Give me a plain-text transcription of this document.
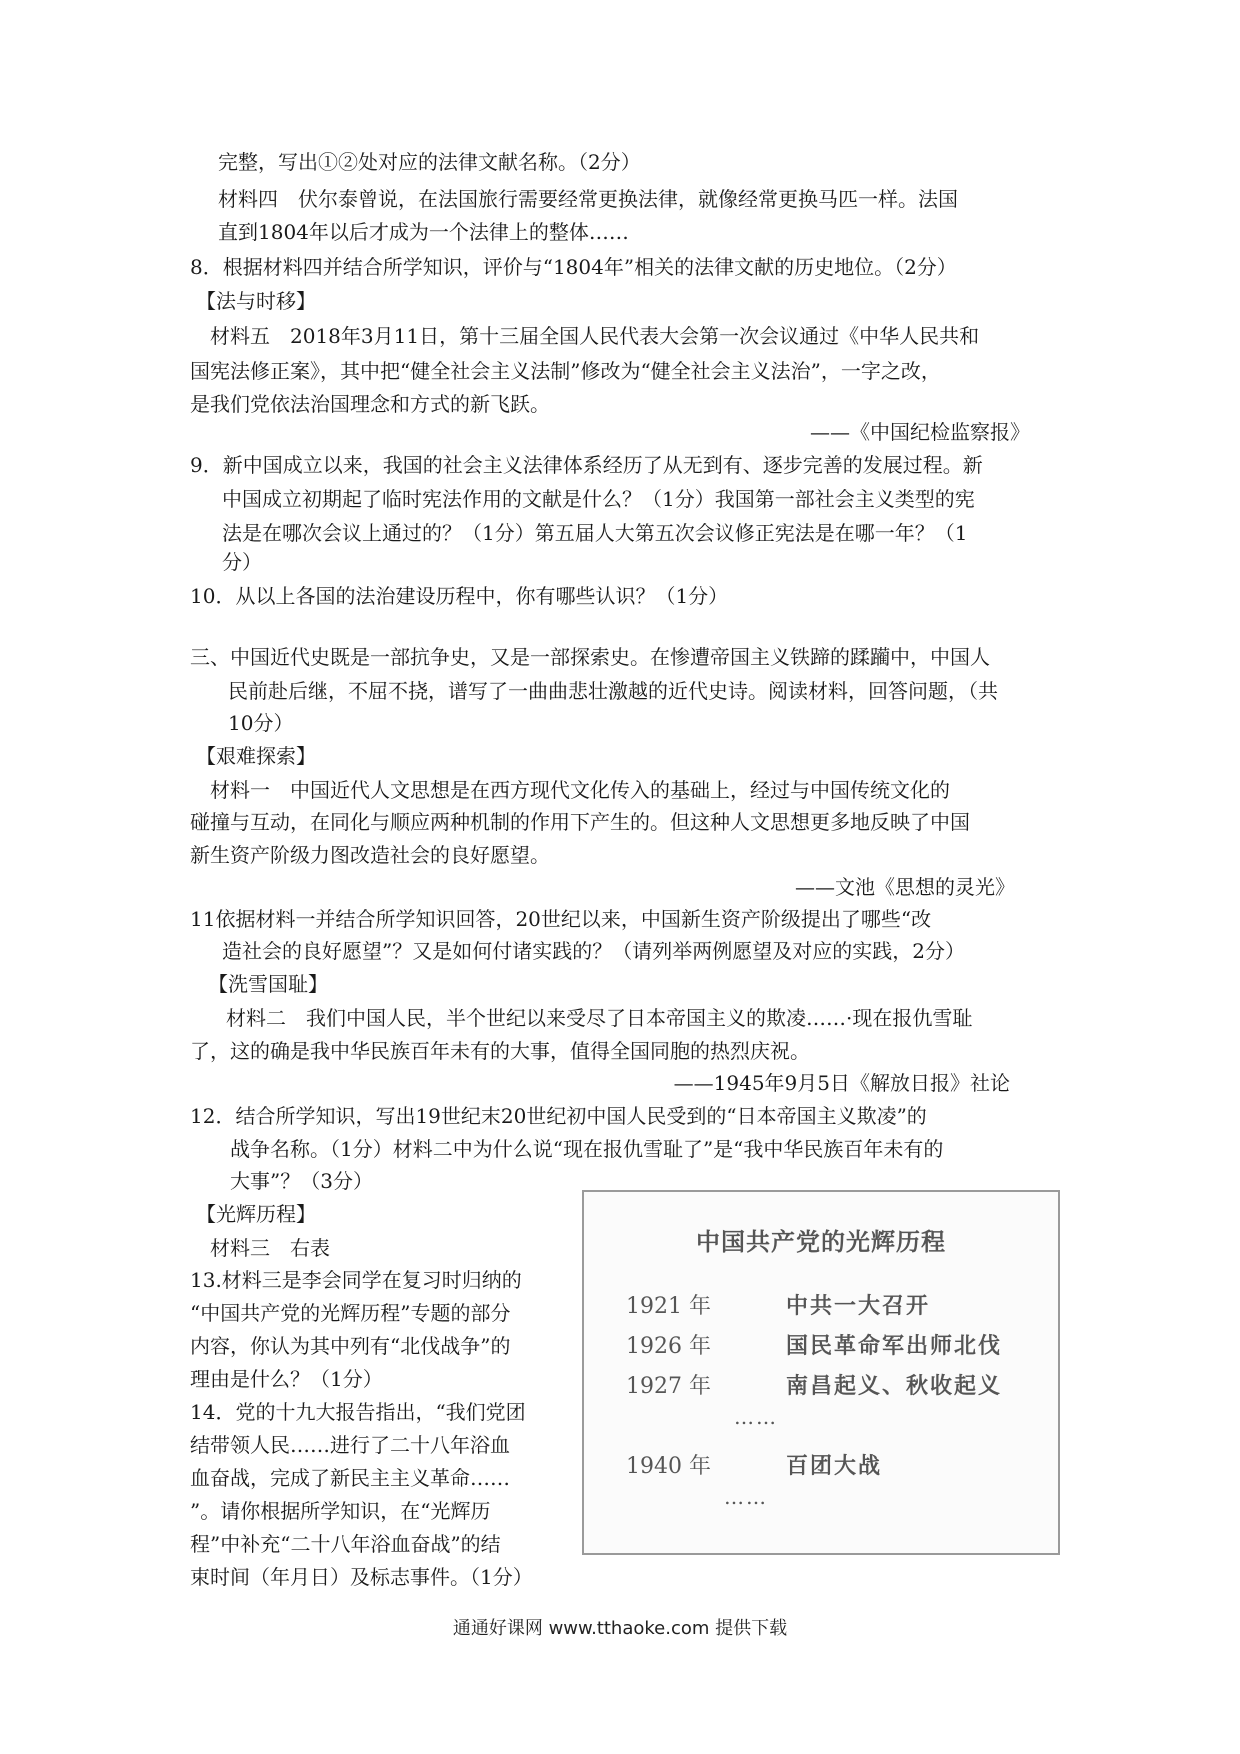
完整，写出①②处对应的法律文献名称。（2分）
材料四　伏尔泰曾说，在法国旅行需要经常更换法律，就像经常更换马匹一样。法国
直到1804年以后才成为一个法律上的整体……
8．根据材料四并结合所学知识，评价与“1804年”相关的法律文献的历史地位。（2分）
【法与时移】
材料五　2018年3月11日，第十三届全国人民代表大会第一次会议通过《中华人民共和
国宪法修正案》，其中把“健全社会主义法制”修改为“健全社会主义法治”，一字之改，
是我们党依法治国理念和方式的新飞跃。
——《中国纪检监察报》
9．新中国成立以来，我国的社会主义法律体系经历了从无到有、逐步完善的发展过程。新
中国成立初期起了临时宪法作用的文献是什么？（1分）我国第一部社会主义类型的宪
法是在哪次会议上通过的？（1分）第五届人大第五次会议修正宪法是在哪一年？（1
分）
10．从以上各国的法治建设历程中，你有哪些认识？（1分）
三、中国近代史既是一部抗争史，又是一部探索史。在惨遭帝国主义铁蹄的蹂躏中，中国人
民前赴后继，不屈不挠，谱写了一曲曲悲壮激越的近代史诗。阅读材料，回答问题，（共
10分）
【艰难探索】
材料一　中国近代人文思想是在西方现代文化传入的基础上，经过与中国传统文化的
碰撞与互动，在同化与顺应两种机制的作用下产生的。但这种人文思想更多地反映了中国
新生资产阶级力图改造社会的良好愿望。
——文池《思想的灵光》
11依据材料一并结合所学知识回答，20世纪以来，中国新生资产阶级提出了哪些“改
造社会的良好愿望”？又是如何付诸实践的？（请列举两例愿望及对应的实践，2分）
【洗雪国耻】
材料二　我们中国人民，半个世纪以来受尽了日本帝国主义的欺凌……·现在报仇雪耻
了，这的确是我中华民族百年未有的大事，值得全国同胞的热烈庆祝。
——1945年9月5日《解放日报》社论
12．结合所学知识，写出19世纪末20世纪初中国人民受到的“日本帝国主义欺凌”的
战争名称。（1分）材料二中为什么说“现在报仇雪耻了”是“我中华民族百年未有的
大事”？（3分）
【光辉历程】
材料三　右表
13.材料三是李会同学在复习时归纳的
“中国共产党的光辉历程”专题的部分
内容，你认为其中列有“北伐战争”的
理由是什么？（1分）
14．党的十九大报告指出，“我们党团
结带领人民……进行了二十八年浴血
血奋战，完成了新民主主义革命……
”。请你根据所学知识，在“光辉历
程”中补充“二十八年浴血奋战”的结
束时间（年月日）及标志事件。（1分）
中国共产党的光辉历程
1921 年	中共一大召开
1926 年	国民革命军出师北伐
1927 年	南昌起义、秋收起义
……
1940 年	百团大战
……
通通好课网 www.tthaoke.com 提供下载
